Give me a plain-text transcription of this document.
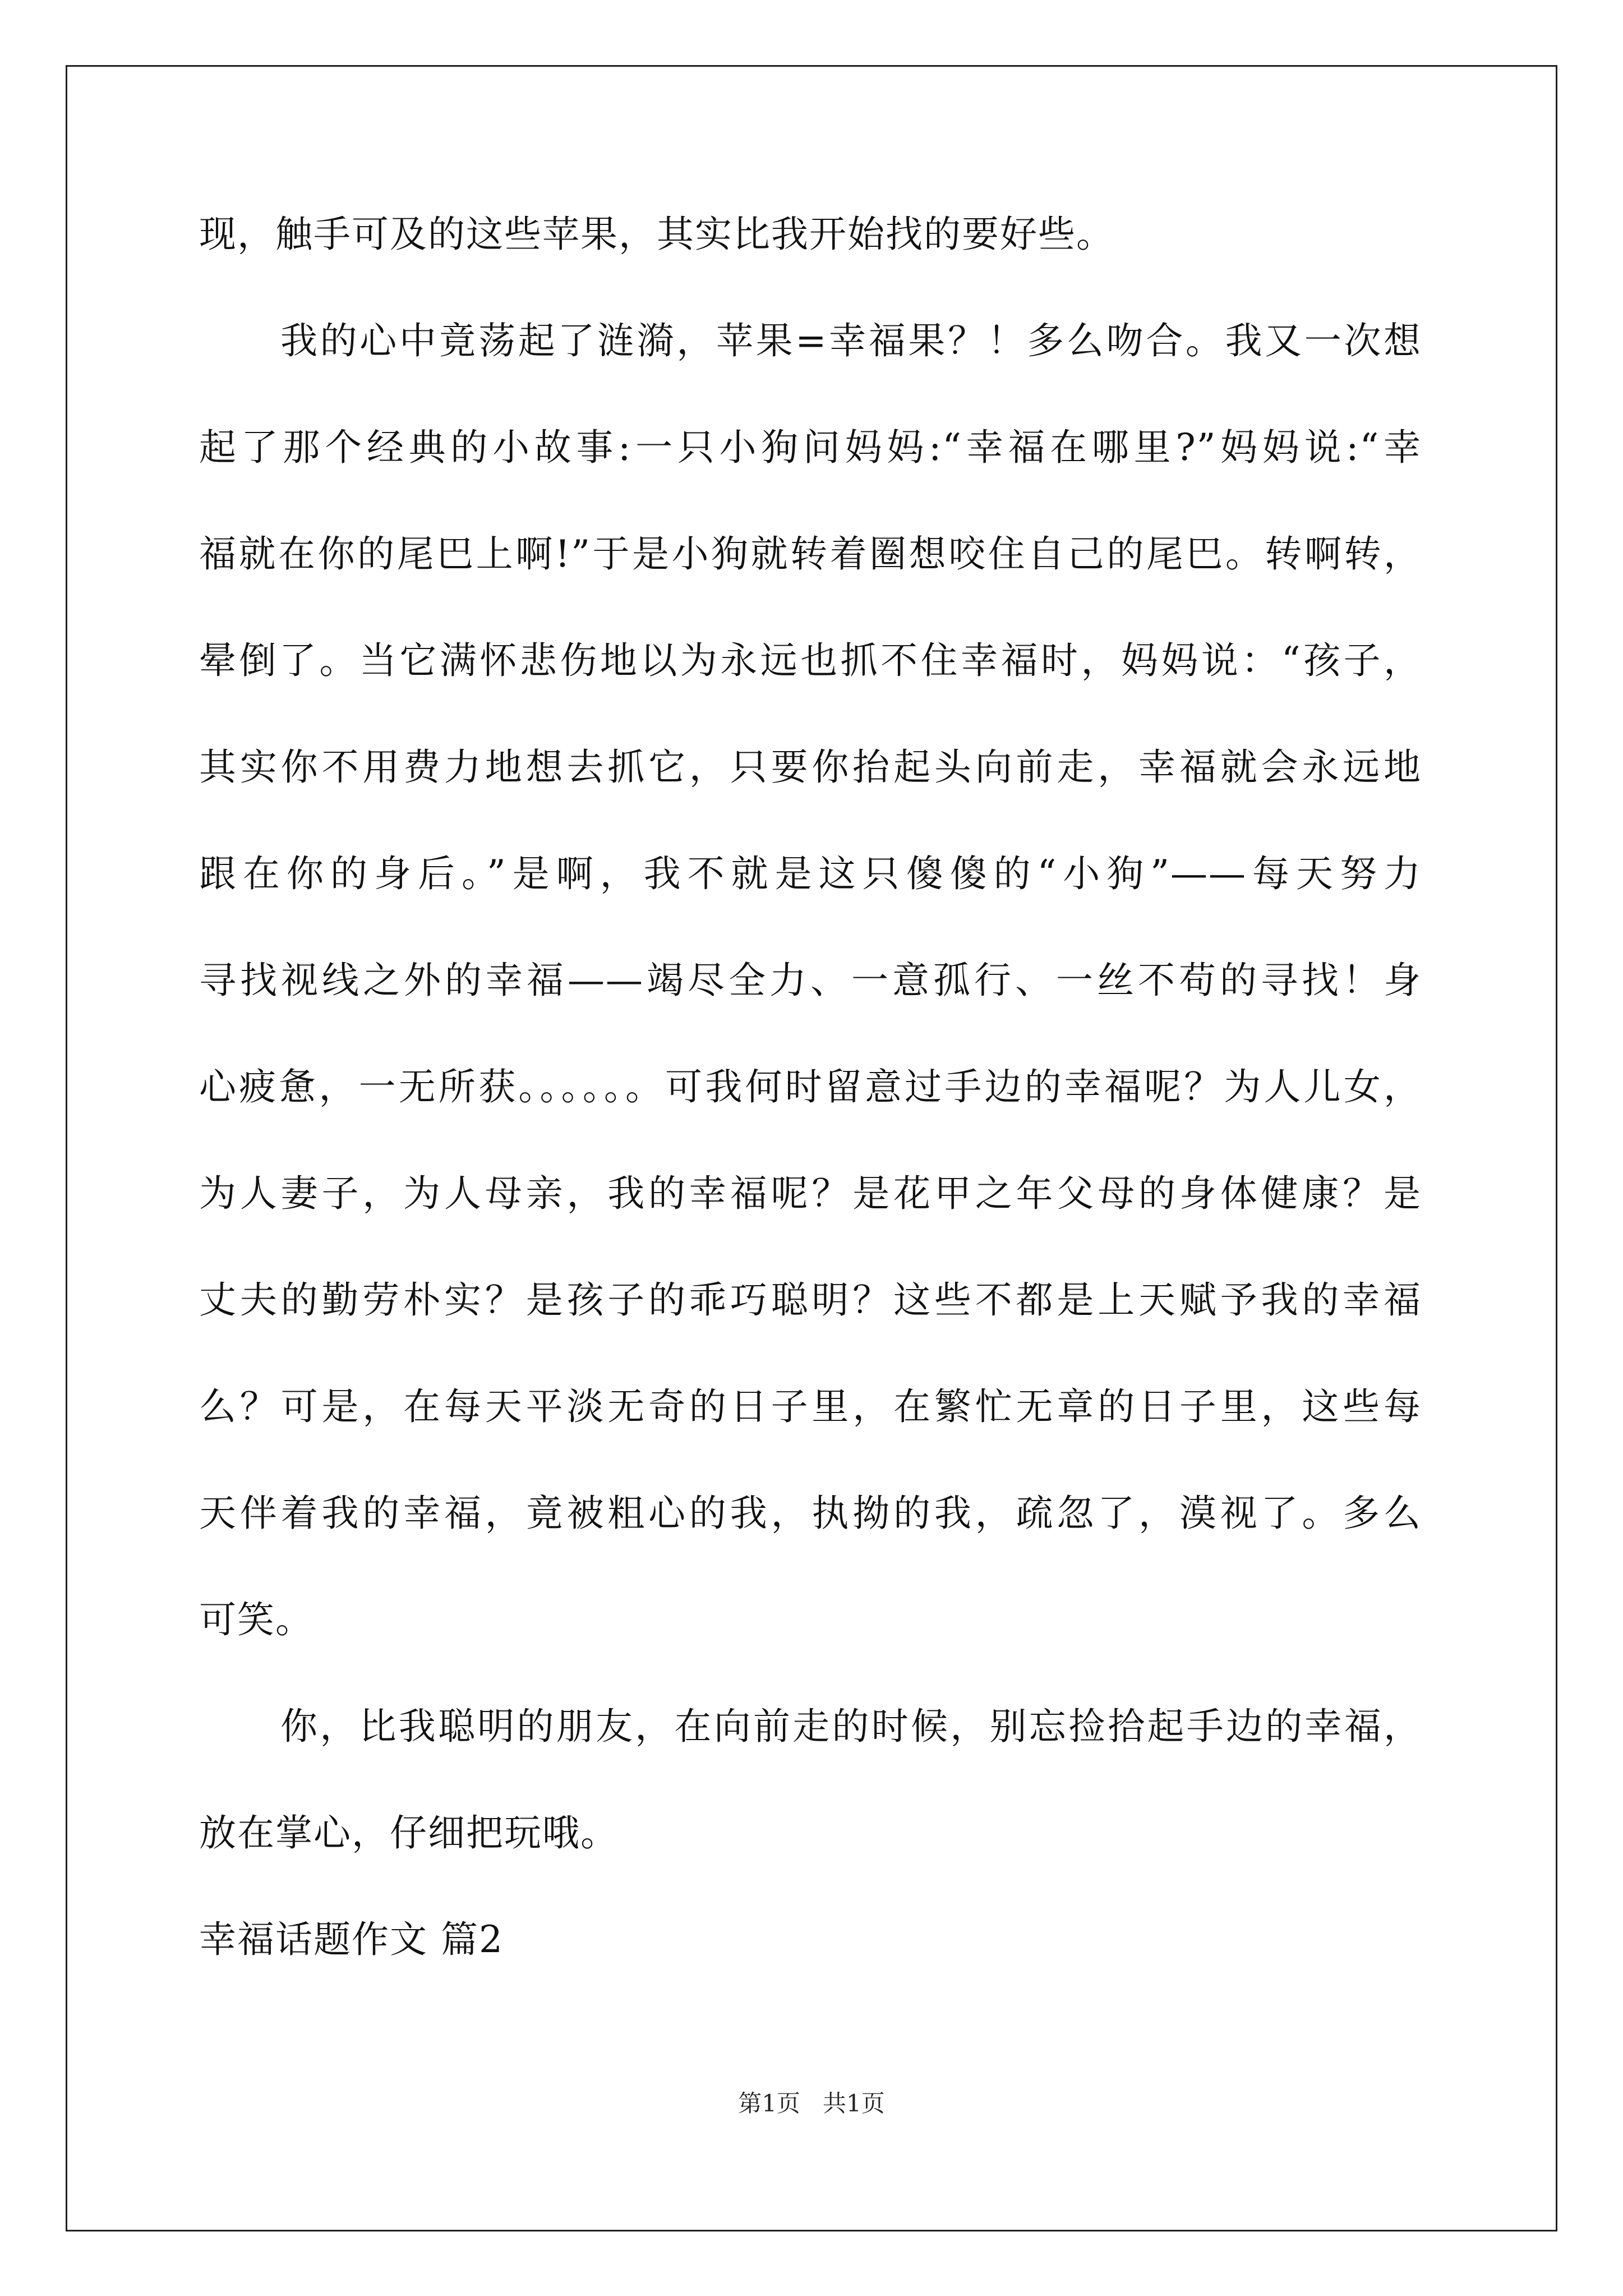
现，触手可及的这些苹果，其实比我开始找的要好些。
我的心中竟荡起了涟漪，苹果=幸福果？！多么吻合。我又一次想
起了那个经典的小故事:一只小狗问妈妈:“幸福在哪里?”妈妈说:“幸
福就在你的尾巴上啊!”于是小狗就转着圈想咬住自己的尾巴。转啊转，
晕倒了。当它满怀悲伤地以为永远也抓不住幸福时，妈妈说：“孩子，
其实你不用费力地想去抓它，只要你抬起头向前走，幸福就会永远地
跟在你的身后。”是啊，我不就是这只傻傻的“小狗”——每天努力
寻找视线之外的幸福——竭尽全力、一意孤行、一丝不苟的寻找！身
心疲惫，一无所获。。。。。。可我何时留意过手边的幸福呢？为人儿女，
为人妻子，为人母亲，我的幸福呢？是花甲之年父母的身体健康？是
丈夫的勤劳朴实？是孩子的乖巧聪明？这些不都是上天赋予我的幸福
么？可是，在每天平淡无奇的日子里，在繁忙无章的日子里，这些每
天伴着我的幸福，竟被粗心的我，执拗的我，疏忽了，漠视了。多么
可笑。
你，比我聪明的朋友，在向前走的时候，别忘捡拾起手边的幸福，
放在掌心，仔细把玩哦。
幸福话题作文 篇2
第1页 共1页
